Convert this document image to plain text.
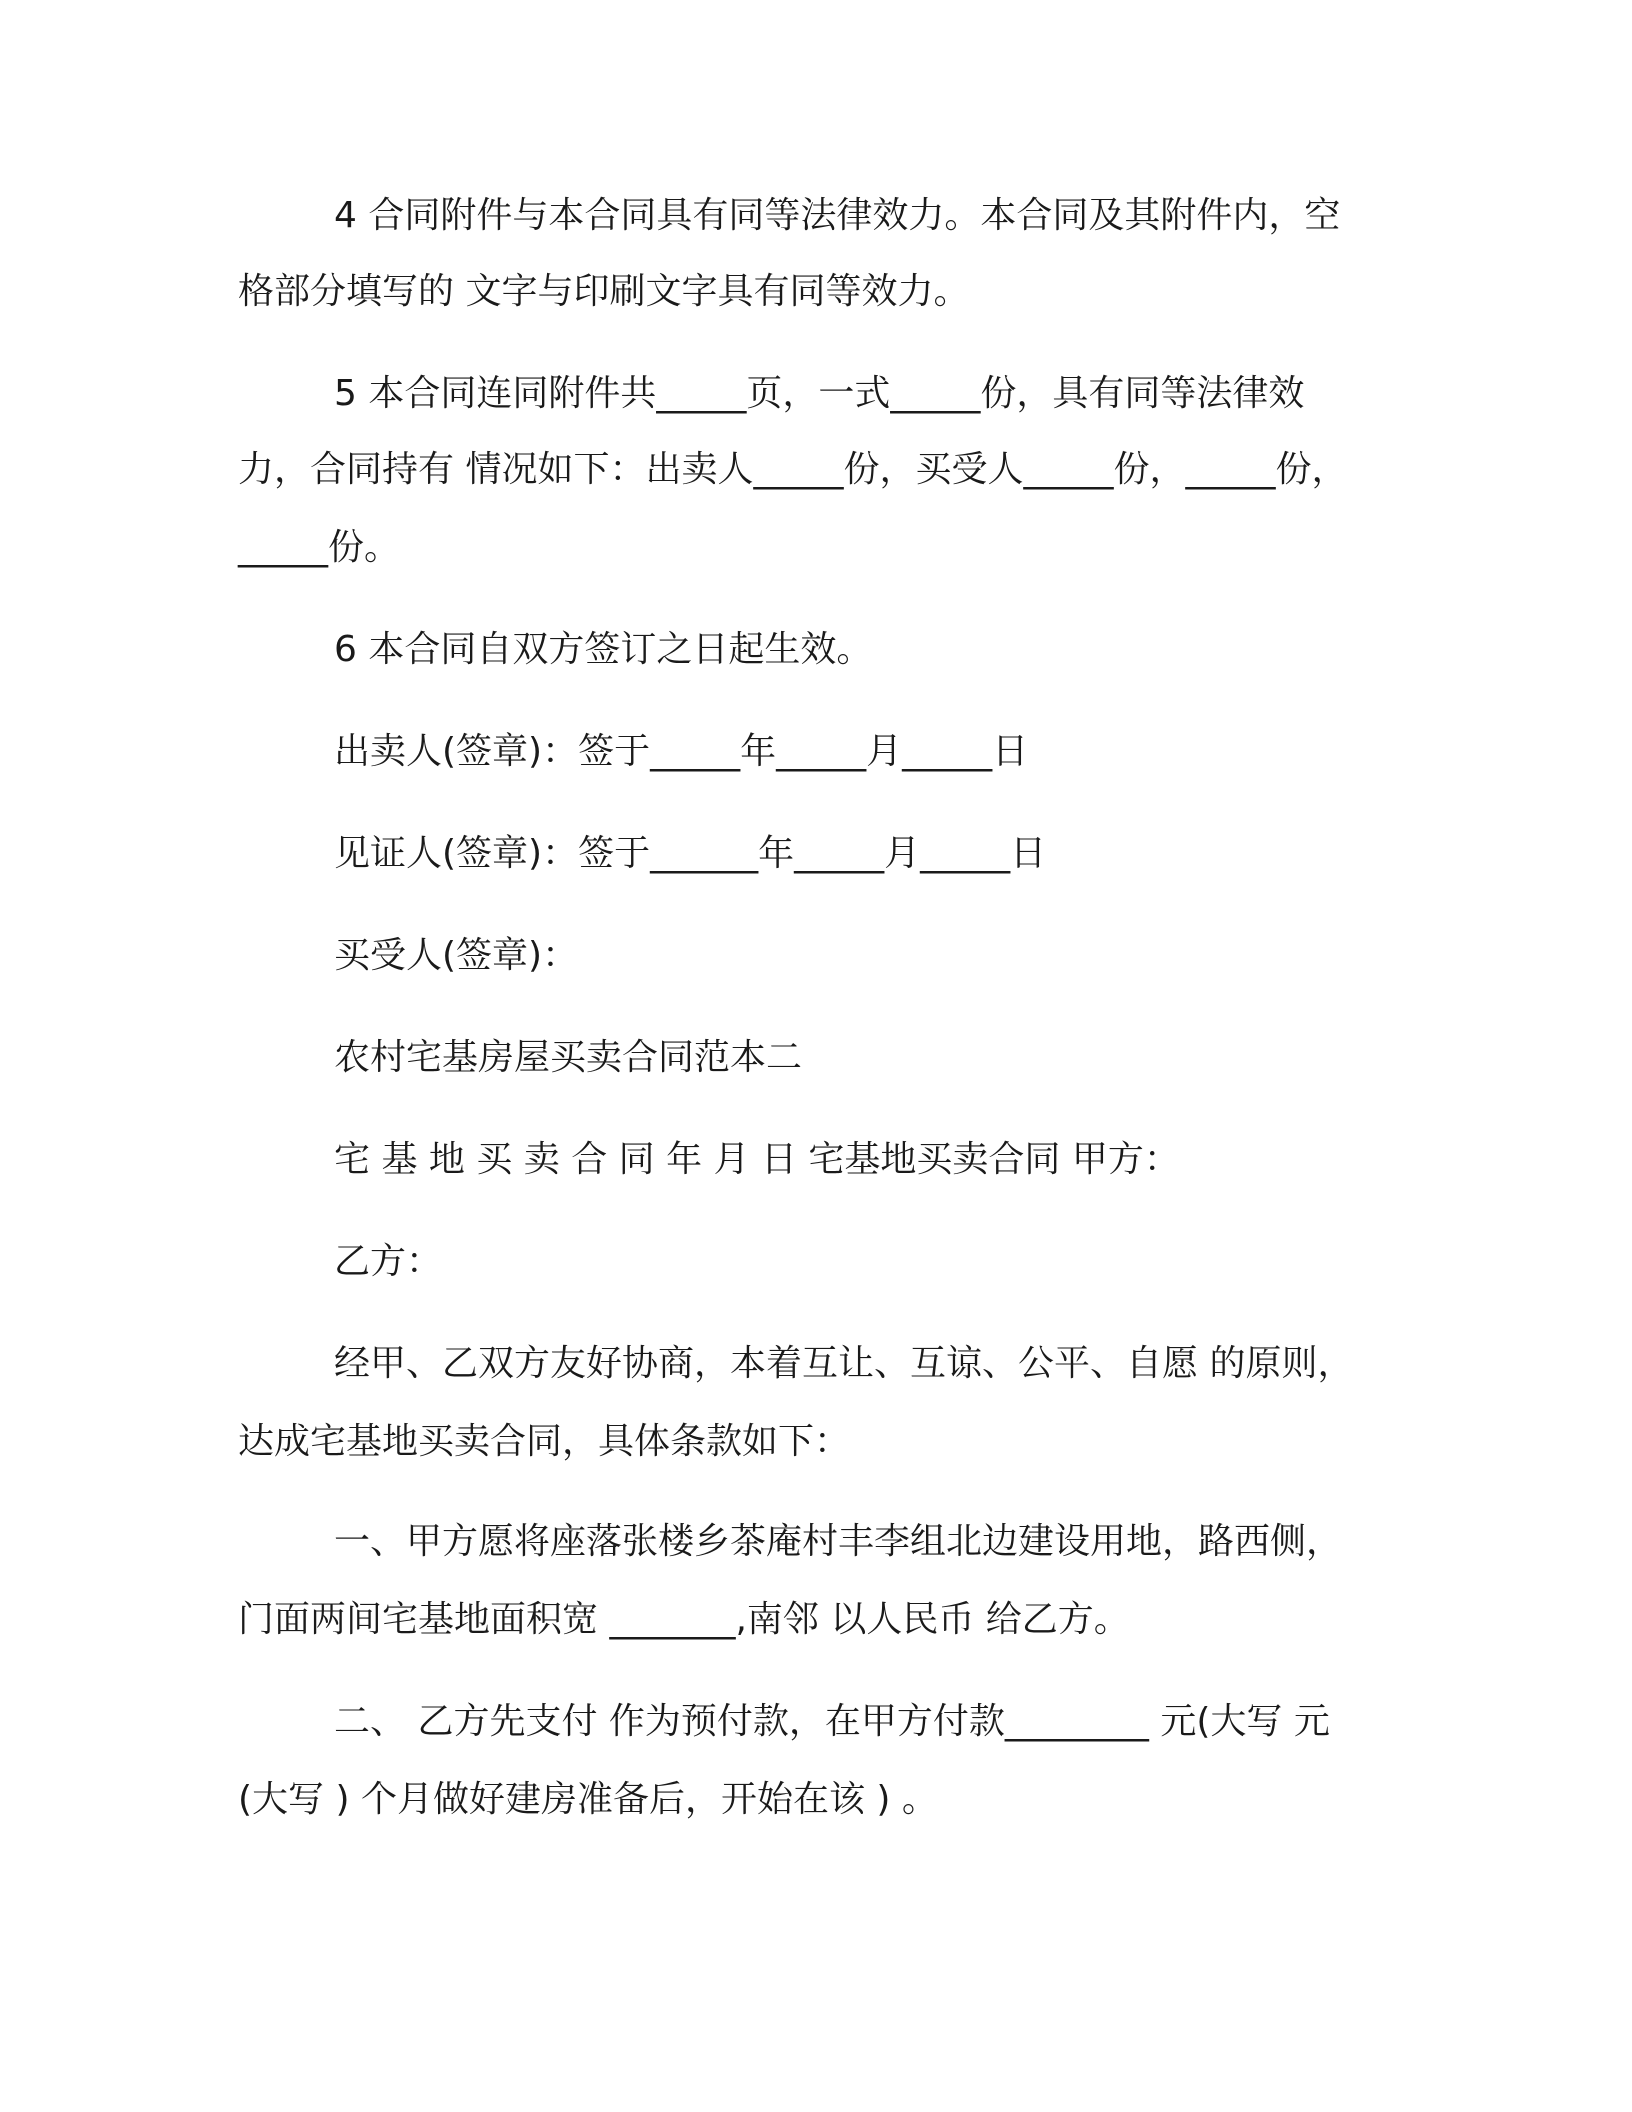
4 合同附件与本合同具有同等法律效力。本合同及其附件内，空
格部分填写的 文字与印刷文字具有同等效力。
5 本合同连同附件共_____页，一式_____份，具有同等法律效
力，合同持有 情况如下：出卖人_____份，买受人_____份，_____份，
_____份。
6 本合同自双方签订之日起生效。
出卖人(签章)：签于_____年_____月_____日
见证人(签章)：签于______年_____月_____日
买受人(签章)：
农村宅基房屋买卖合同范本二
宅 基 地 买 卖 合 同 年 月 日 宅基地买卖合同 甲方：
乙方：
经甲、乙双方友好协商，本着互让、互谅、公平、自愿 的原则，
达成宅基地买卖合同，具体条款如下：
一、甲方愿将座落张楼乡茶庵村丰李组北边建设用地，路西侧，
门面两间宅基地面积宽 _______,南邻 以人民币 给乙方。
二、 乙方先支付 作为预付款，在甲方付款________ 元(大写 元
(大写 ) 个月做好建房准备后，开始在该 ) 。
